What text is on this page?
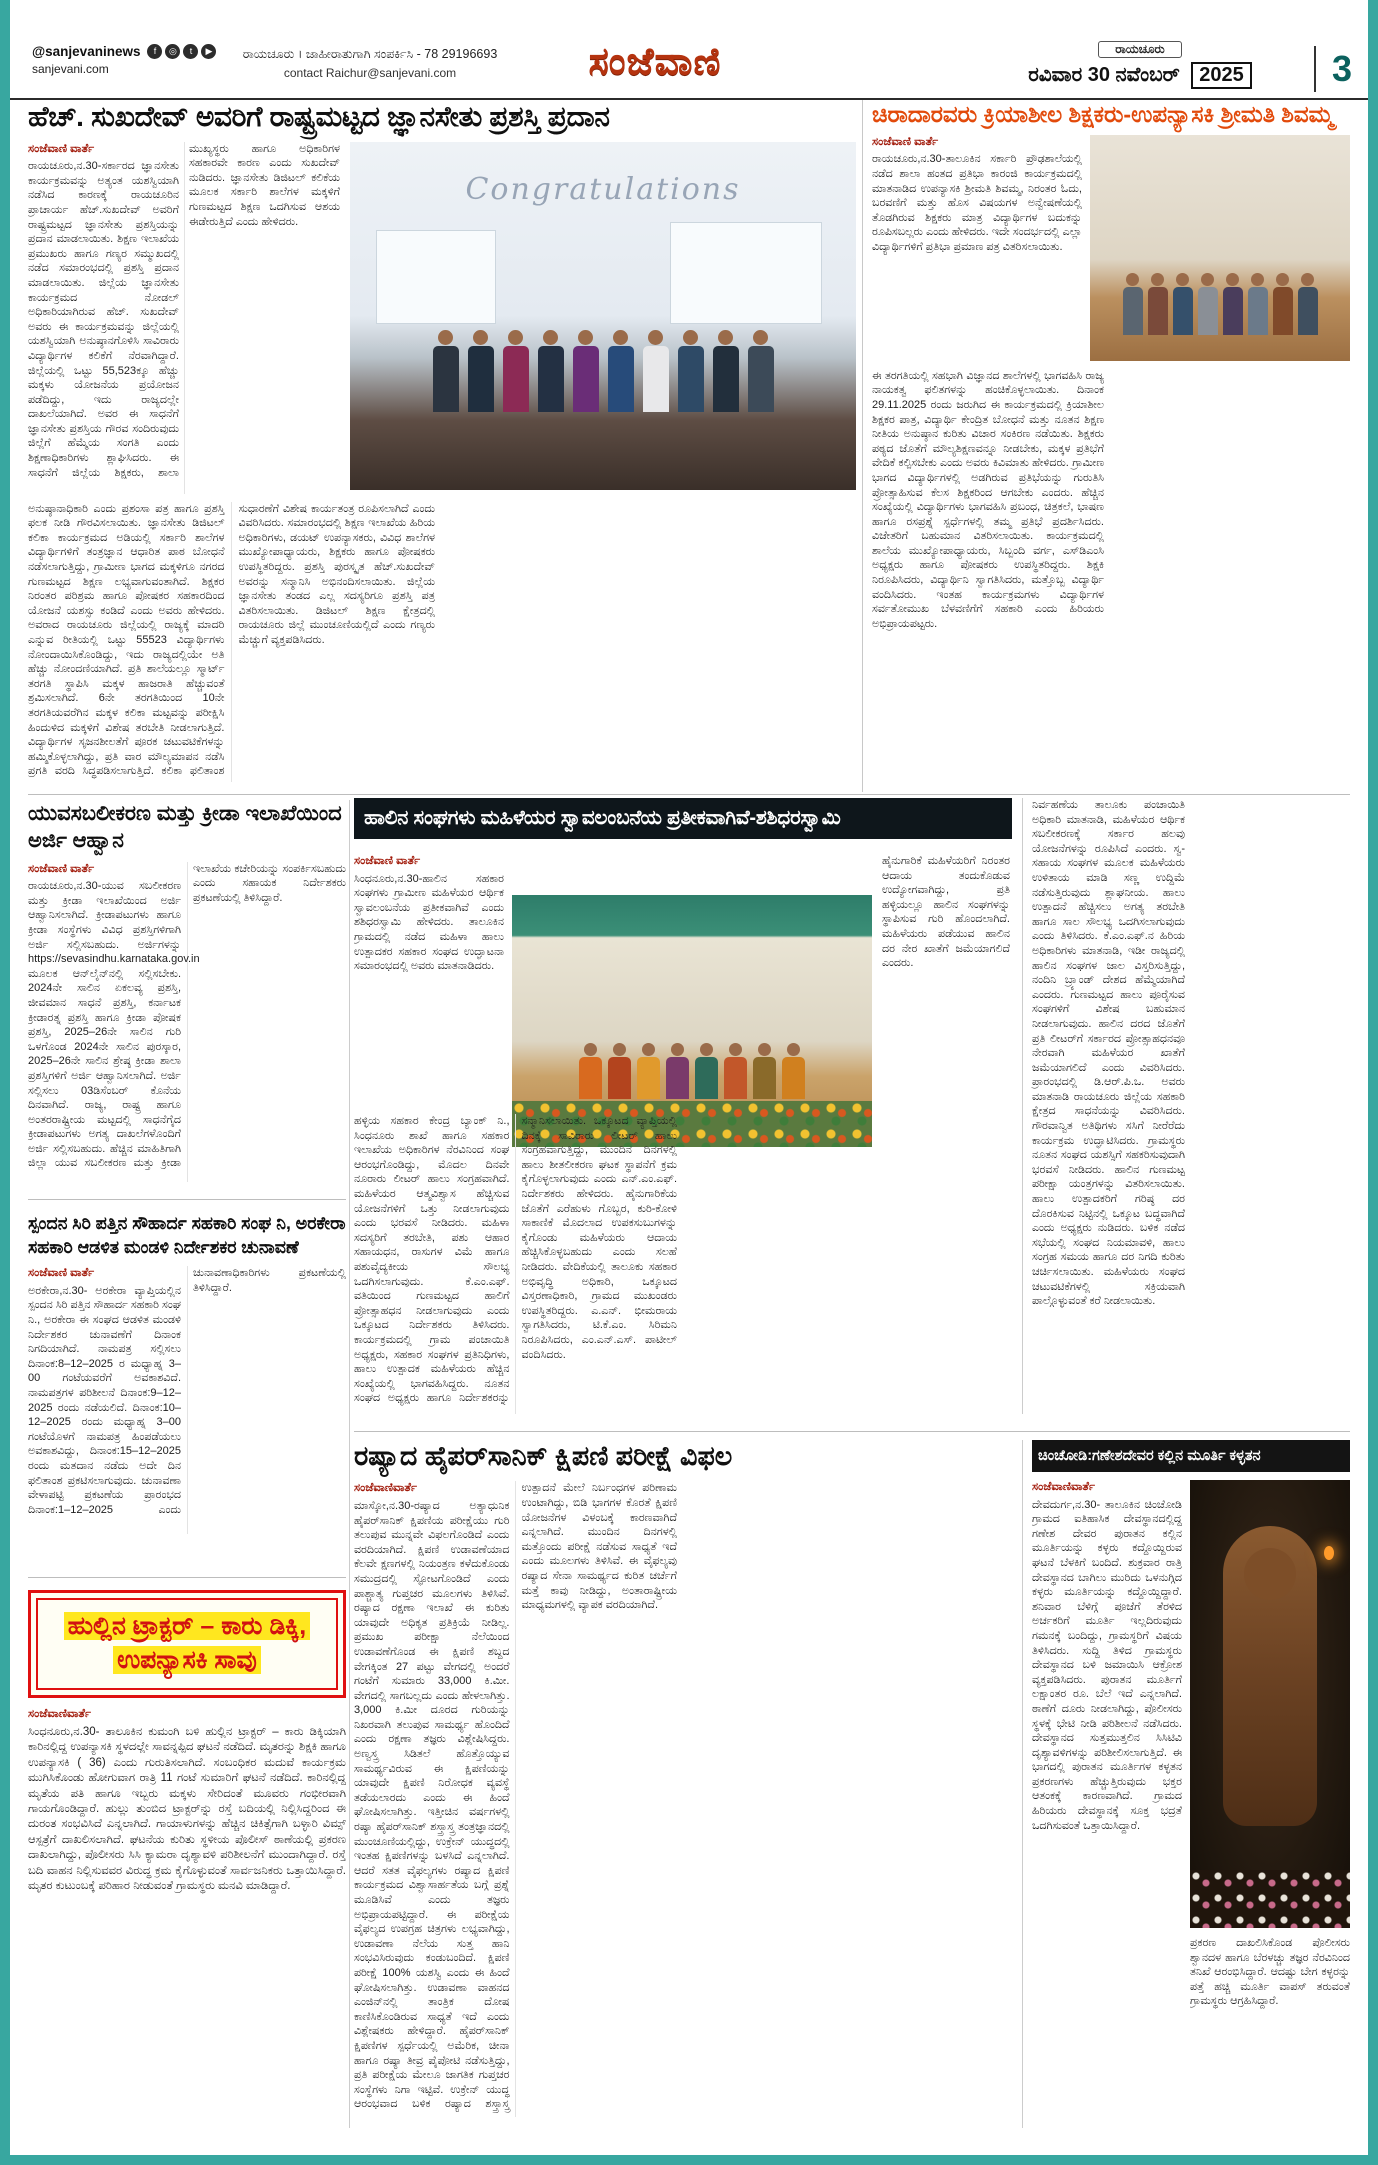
@sanjevaninews	f	◎	t	▶
sanjevani.com
ರಾಯಚೂರು । ಜಾಹೀರಾತುಗಾಗಿ ಸಂಪರ್ಕಿಸಿ - 78 29196693
contact Raichur@sanjevani.com	ಸಂಜೆವಾಣಿ	ರಾಯಚೂರು
ರವಿವಾರ 30 ನವೆಂಬರ್ 2025	3
ಹೆಚ್. ಸುಖದೇವ್ ಅವರಿಗೆ ರಾಷ್ಟ್ರಮಟ್ಟದ ಜ್ಞಾನಸೇತು ಪ್ರಶಸ್ತಿ ಪ್ರದಾನ
ಸಂಜೆವಾಣಿ ವಾರ್ತೆ
ರಾಯಚೂರು,ನ.30-ಸರ್ಕಾರದ ಜ್ಞಾನಸೇತು ಕಾರ್ಯಕ್ರಮವನ್ನು ಅತ್ಯಂತ ಯಶಸ್ವಿಯಾಗಿ ನಡೆಸಿದ ಕಾರಣಕ್ಕೆ ರಾಯಚೂರಿನ ಪ್ರಾಚಾರ್ಯ ಹೆಚ್.ಸುಖದೇವ್ ಅವರಿಗೆ ರಾಷ್ಟ್ರಮಟ್ಟದ ಜ್ಞಾನಸೇತು ಪ್ರಶಸ್ತಿಯನ್ನು ಪ್ರದಾನ ಮಾಡಲಾಯಿತು. ಶಿಕ್ಷಣ ಇಲಾಖೆಯ ಪ್ರಮುಖರು ಹಾಗೂ ಗಣ್ಯರ ಸಮ್ಮುಖದಲ್ಲಿ ನಡೆದ ಸಮಾರಂಭದಲ್ಲಿ ಪ್ರಶಸ್ತಿ ಪ್ರದಾನ ಮಾಡಲಾಯಿತು. ಜಿಲ್ಲೆಯ ಜ್ಞಾನಸೇತು ಕಾರ್ಯಕ್ರಮದ ನೋಡಲ್ ಅಧಿಕಾರಿಯಾಗಿರುವ ಹೆಚ್. ಸುಖದೇವ್ ಅವರು ಈ ಕಾರ್ಯಕ್ರಮವನ್ನು ಜಿಲ್ಲೆಯಲ್ಲಿ ಯಶಸ್ವಿಯಾಗಿ ಅನುಷ್ಠಾನಗೊಳಿಸಿ ಸಾವಿರಾರು ವಿದ್ಯಾರ್ಥಿಗಳ ಕಲಿಕೆಗೆ ನೆರವಾಗಿದ್ದಾರೆ. ಜಿಲ್ಲೆಯಲ್ಲಿ ಒಟ್ಟು 55,523ಕ್ಕೂ ಹೆಚ್ಚು ಮಕ್ಕಳು ಯೋಜನೆಯ ಪ್ರಯೋಜನ ಪಡೆದಿದ್ದು, ಇದು ರಾಜ್ಯದಲ್ಲೇ ದಾಖಲೆಯಾಗಿದೆ. ಅವರ ಈ ಸಾಧನೆಗೆ ಜ್ಞಾನಸೇತು ಪ್ರಶಸ್ತಿಯ ಗೌರವ ಸಂದಿರುವುದು ಜಿಲ್ಲೆಗೆ ಹೆಮ್ಮೆಯ ಸಂಗತಿ ಎಂದು ಶಿಕ್ಷಣಾಧಿಕಾರಿಗಳು ಶ್ಲಾಘಿಸಿದರು. ಈ ಸಾಧನೆಗೆ ಜಿಲ್ಲೆಯ ಶಿಕ್ಷಕರು, ಶಾಲಾ ಮುಖ್ಯಸ್ಥರು ಹಾಗೂ ಅಧಿಕಾರಿಗಳ ಸಹಕಾರವೇ ಕಾರಣ ಎಂದು ಸುಖದೇವ್ ನುಡಿದರು. ಜ್ಞಾನಸೇತು ಡಿಜಿಟಲ್ ಕಲಿಕೆಯ ಮೂಲಕ ಸರ್ಕಾರಿ ಶಾಲೆಗಳ ಮಕ್ಕಳಿಗೆ ಗುಣಮಟ್ಟದ ಶಿಕ್ಷಣ ಒದಗಿಸುವ ಆಶಯ ಈಡೇರುತ್ತಿದೆ ಎಂದು ಹೇಳಿದರು.
Congratulations
ಅನುಷ್ಠಾನಾಧಿಕಾರಿ ಎಂದು ಪ್ರಶಂಸಾ ಪತ್ರ ಹಾಗೂ ಪ್ರಶಸ್ತಿ ಫಲಕ ನೀಡಿ ಗೌರವಿಸಲಾಯಿತು. ಜ್ಞಾನಸೇತು ಡಿಜಿಟಲ್ ಕಲಿಕಾ ಕಾರ್ಯಕ್ರಮದ ಅಡಿಯಲ್ಲಿ ಸರ್ಕಾರಿ ಶಾಲೆಗಳ ವಿದ್ಯಾರ್ಥಿಗಳಿಗೆ ತಂತ್ರಜ್ಞಾನ ಆಧಾರಿತ ಪಾಠ ಬೋಧನೆ ನಡೆಸಲಾಗುತ್ತಿದ್ದು, ಗ್ರಾಮೀಣ ಭಾಗದ ಮಕ್ಕಳಿಗೂ ನಗರದ ಗುಣಮಟ್ಟದ ಶಿಕ್ಷಣ ಲಭ್ಯವಾಗುವಂತಾಗಿದೆ. ಶಿಕ್ಷಕರ ನಿರಂತರ ಪರಿಶ್ರಮ ಹಾಗೂ ಪೋಷಕರ ಸಹಕಾರದಿಂದ ಯೋಜನೆ ಯಶಸ್ಸು ಕಂಡಿದೆ ಎಂದು ಅವರು ಹೇಳಿದರು. ಅವರಾದ ರಾಯಚೂರು ಜಿಲ್ಲೆಯಲ್ಲಿ ರಾಜ್ಯಕ್ಕೆ ಮಾದರಿ ಎನ್ನುವ ರೀತಿಯಲ್ಲಿ ಒಟ್ಟು 55523 ವಿದ್ಯಾರ್ಥಿಗಳು ನೋಂದಾಯಿಸಿಕೊಂಡಿದ್ದು, ಇದು ರಾಜ್ಯದಲ್ಲಿಯೇ ಅತಿ ಹೆಚ್ಚು ನೋಂದಣಿಯಾಗಿದೆ. ಪ್ರತಿ ಶಾಲೆಯಲ್ಲೂ ಸ್ಮಾರ್ಟ್ ತರಗತಿ ಸ್ಥಾಪಿಸಿ ಮಕ್ಕಳ ಹಾಜರಾತಿ ಹೆಚ್ಚುವಂತೆ ಶ್ರಮಿಸಲಾಗಿದೆ. 6ನೇ ತರಗತಿಯಿಂದ 10ನೇ ತರಗತಿಯವರೆಗಿನ ಮಕ್ಕಳ ಕಲಿಕಾ ಮಟ್ಟವನ್ನು ಪರೀಕ್ಷಿಸಿ ಹಿಂದುಳಿದ ಮಕ್ಕಳಿಗೆ ವಿಶೇಷ ತರಬೇತಿ ನೀಡಲಾಗುತ್ತಿದೆ. ವಿದ್ಯಾರ್ಥಿಗಳ ಸೃಜನಶೀಲತೆಗೆ ಪೂರಕ ಚಟುವಟಿಕೆಗಳನ್ನು ಹಮ್ಮಿಕೊಳ್ಳಲಾಗಿದ್ದು, ಪ್ರತಿ ವಾರ ಮೌಲ್ಯಮಾಪನ ನಡೆಸಿ ಪ್ರಗತಿ ವರದಿ ಸಿದ್ಧಪಡಿಸಲಾಗುತ್ತಿದೆ. ಕಲಿಕಾ ಫಲಿತಾಂಶ ಸುಧಾರಣೆಗೆ ವಿಶೇಷ ಕಾರ್ಯತಂತ್ರ ರೂಪಿಸಲಾಗಿದೆ ಎಂದು ವಿವರಿಸಿದರು. ಸಮಾರಂಭದಲ್ಲಿ ಶಿಕ್ಷಣ ಇಲಾಖೆಯ ಹಿರಿಯ ಅಧಿಕಾರಿಗಳು, ಡಯಟ್ ಉಪನ್ಯಾಸಕರು, ವಿವಿಧ ಶಾಲೆಗಳ ಮುಖ್ಯೋಪಾಧ್ಯಾಯರು, ಶಿಕ್ಷಕರು ಹಾಗೂ ಪೋಷಕರು ಉಪಸ್ಥಿತರಿದ್ದರು. ಪ್ರಶಸ್ತಿ ಪುರಸ್ಕೃತ ಹೆಚ್.ಸುಖದೇವ್ ಅವರನ್ನು ಸನ್ಮಾನಿಸಿ ಅಭಿನಂದಿಸಲಾಯಿತು. ಜಿಲ್ಲೆಯ ಜ್ಞಾನಸೇತು ತಂಡದ ಎಲ್ಲ ಸದಸ್ಯರಿಗೂ ಪ್ರಶಸ್ತಿ ಪತ್ರ ವಿತರಿಸಲಾಯಿತು. ಡಿಜಿಟಲ್ ಶಿಕ್ಷಣ ಕ್ಷೇತ್ರದಲ್ಲಿ ರಾಯಚೂರು ಜಿಲ್ಲೆ ಮುಂಚೂಣಿಯಲ್ಲಿದೆ ಎಂದು ಗಣ್ಯರು ಮೆಚ್ಚುಗೆ ವ್ಯಕ್ತಪಡಿಸಿದರು.
ಚಿರಾದಾರವರು ಕ್ರಿಯಾಶೀಲ ಶಿಕ್ಷಕರು-ಉಪನ್ಯಾಸಕಿ ಶ್ರೀಮತಿ ಶಿವಮ್ಮ
ಸಂಜೆವಾಣಿ ವಾರ್ತೆ
ರಾಯಚೂರು,ನ.30-ತಾಲೂಕಿನ ಸರ್ಕಾರಿ ಪ್ರೌಢಶಾಲೆಯಲ್ಲಿ ನಡೆದ ಶಾಲಾ ಹಂತದ ಪ್ರತಿಭಾ ಕಾರಂಜಿ ಕಾರ್ಯಕ್ರಮದಲ್ಲಿ ಮಾತನಾಡಿದ ಉಪನ್ಯಾಸಕಿ ಶ್ರೀಮತಿ ಶಿವಮ್ಮ, ನಿರಂತರ ಓದು, ಬರವಣಿಗೆ ಮತ್ತು ಹೊಸ ವಿಷಯಗಳ ಅನ್ವೇಷಣೆಯಲ್ಲಿ ತೊಡಗಿರುವ ಶಿಕ್ಷಕರು ಮಾತ್ರ ವಿದ್ಯಾರ್ಥಿಗಳ ಬದುಕನ್ನು ರೂಪಿಸಬಲ್ಲರು ಎಂದು ಹೇಳಿದರು. ಇದೇ ಸಂದರ್ಭದಲ್ಲಿ ಎಲ್ಲಾ ವಿದ್ಯಾರ್ಥಿಗಳಿಗೆ ಪ್ರತಿಭಾ ಪ್ರಮಾಣ ಪತ್ರ ವಿತರಿಸಲಾಯಿತು.
ಈ ತರಗತಿಯಲ್ಲಿ ಸಹಭಾಗಿ ವಿಜ್ಞಾನದ ಶಾಲೆಗಳಲ್ಲಿ ಭಾಗವಹಿಸಿ ರಾಜ್ಯ ನಾಯಕತ್ವ ಫಲಿತಗಳನ್ನು ಹಂಚಿಕೊಳ್ಳಲಾಯಿತು. ದಿನಾಂಕ 29.11.2025 ರಂದು ಜರುಗಿದ ಈ ಕಾರ್ಯಕ್ರಮದಲ್ಲಿ ಕ್ರಿಯಾಶೀಲ ಶಿಕ್ಷಕರ ಪಾತ್ರ, ವಿದ್ಯಾರ್ಥಿ ಕೇಂದ್ರಿತ ಬೋಧನೆ ಮತ್ತು ನೂತನ ಶಿಕ್ಷಣ ನೀತಿಯ ಅನುಷ್ಠಾನ ಕುರಿತು ವಿಚಾರ ಸಂಕಿರಣ ನಡೆಯಿತು. ಶಿಕ್ಷಕರು ಪಠ್ಯದ ಜೊತೆಗೆ ಮೌಲ್ಯಶಿಕ್ಷಣವನ್ನೂ ನೀಡಬೇಕು, ಮಕ್ಕಳ ಪ್ರತಿಭೆಗೆ ವೇದಿಕೆ ಕಲ್ಪಿಸಬೇಕು ಎಂದು ಅವರು ಕಿವಿಮಾತು ಹೇಳಿದರು. ಗ್ರಾಮೀಣ ಭಾಗದ ವಿದ್ಯಾರ್ಥಿಗಳಲ್ಲಿ ಅಡಗಿರುವ ಪ್ರತಿಭೆಯನ್ನು ಗುರುತಿಸಿ ಪ್ರೋತ್ಸಾಹಿಸುವ ಕೆಲಸ ಶಿಕ್ಷಕರಿಂದ ಆಗಬೇಕು ಎಂದರು. ಹೆಚ್ಚಿನ ಸಂಖ್ಯೆಯಲ್ಲಿ ವಿದ್ಯಾರ್ಥಿಗಳು ಭಾಗವಹಿಸಿ ಪ್ರಬಂಧ, ಚಿತ್ರಕಲೆ, ಭಾಷಣ ಹಾಗೂ ರಸಪ್ರಶ್ನೆ ಸ್ಪರ್ಧೆಗಳಲ್ಲಿ ತಮ್ಮ ಪ್ರತಿಭೆ ಪ್ರದರ್ಶಿಸಿದರು. ವಿಜೇತರಿಗೆ ಬಹುಮಾನ ವಿತರಿಸಲಾಯಿತು. ಕಾರ್ಯಕ್ರಮದಲ್ಲಿ ಶಾಲೆಯ ಮುಖ್ಯೋಪಾಧ್ಯಾಯರು, ಸಿಬ್ಬಂದಿ ವರ್ಗ, ಎಸ್‌ಡಿಎಂಸಿ ಅಧ್ಯಕ್ಷರು ಹಾಗೂ ಪೋಷಕರು ಉಪಸ್ಥಿತರಿದ್ದರು. ಶಿಕ್ಷಕಿ ನಿರೂಪಿಸಿದರು, ವಿದ್ಯಾರ್ಥಿನಿ ಸ್ವಾಗತಿಸಿದರು, ಮತ್ತೊಬ್ಬ ವಿದ್ಯಾರ್ಥಿ ವಂದಿಸಿದರು. ಇಂತಹ ಕಾರ್ಯಕ್ರಮಗಳು ವಿದ್ಯಾರ್ಥಿಗಳ ಸರ್ವತೋಮುಖ ಬೆಳವಣಿಗೆಗೆ ಸಹಕಾರಿ ಎಂದು ಹಿರಿಯರು ಅಭಿಪ್ರಾಯಪಟ್ಟರು.
ಯುವಸಬಲೀಕರಣ ಮತ್ತು ಕ್ರೀಡಾ ಇಲಾಖೆಯಿಂದ ಅರ್ಜಿ ಆಹ್ವಾನ
ಸಂಜೆವಾಣಿ ವಾರ್ತೆ
ರಾಯಚೂರು,ನ.30-ಯುವ ಸಬಲೀಕರಣ ಮತ್ತು ಕ್ರೀಡಾ ಇಲಾಖೆಯಿಂದ ಅರ್ಜಿ ಆಹ್ವಾನಿಸಲಾಗಿದೆ. ಕ್ರೀಡಾಪಟುಗಳು ಹಾಗೂ ಕ್ರೀಡಾ ಸಂಸ್ಥೆಗಳು ವಿವಿಧ ಪ್ರಶಸ್ತಿಗಳಿಗಾಗಿ ಅರ್ಜಿ ಸಲ್ಲಿಸಬಹುದು. ಅರ್ಜಿಗಳನ್ನು https://sevasindhu.karnataka.gov.in ಮೂಲಕ ಆನ್‌ಲೈನ್‌ನಲ್ಲಿ ಸಲ್ಲಿಸಬೇಕು. 2024ನೇ ಸಾಲಿನ ಏಕಲವ್ಯ ಪ್ರಶಸ್ತಿ, ಜೀವಮಾನ ಸಾಧನೆ ಪ್ರಶಸ್ತಿ, ಕರ್ನಾಟಕ ಕ್ರೀಡಾರತ್ನ ಪ್ರಶಸ್ತಿ ಹಾಗೂ ಕ್ರೀಡಾ ಪೋಷಕ ಪ್ರಶಸ್ತಿ, 2025–26ನೇ ಸಾಲಿನ ಗುರಿ ಒಳಗೊಂಡ 2024ನೇ ಸಾಲಿನ ಪುರಸ್ಕಾರ, 2025–26ನೇ ಸಾಲಿನ ಶ್ರೇಷ್ಠ ಕ್ರೀಡಾ ಶಾಲಾ ಪ್ರಶಸ್ತಿಗಳಿಗೆ ಅರ್ಜಿ ಆಹ್ವಾನಿಸಲಾಗಿದೆ. ಅರ್ಜಿ ಸಲ್ಲಿಸಲು 03ಡಿಸೆಂಬರ್ ಕೊನೆಯ ದಿನವಾಗಿದೆ. ರಾಜ್ಯ, ರಾಷ್ಟ್ರ ಹಾಗೂ ಅಂತರರಾಷ್ಟ್ರೀಯ ಮಟ್ಟದಲ್ಲಿ ಸಾಧನೆಗೈದ ಕ್ರೀಡಾಪಟುಗಳು ಅಗತ್ಯ ದಾಖಲೆಗಳೊಂದಿಗೆ ಅರ್ಜಿ ಸಲ್ಲಿಸಬಹುದು. ಹೆಚ್ಚಿನ ಮಾಹಿತಿಗಾಗಿ ಜಿಲ್ಲಾ ಯುವ ಸಬಲೀಕರಣ ಮತ್ತು ಕ್ರೀಡಾ ಇಲಾಖೆಯ ಕಚೇರಿಯನ್ನು ಸಂಪರ್ಕಿಸಬಹುದು ಎಂದು ಸಹಾಯಕ ನಿರ್ದೇಶಕರು ಪ್ರಕಟಣೆಯಲ್ಲಿ ತಿಳಿಸಿದ್ದಾರೆ.
ಹಾಲಿನ ಸಂಘಗಳು ಮಹಿಳೆಯರ ಸ್ವಾವಲಂಬನೆಯ ಪ್ರತೀಕವಾಗಿವೆ-ಶಶಿಧರಸ್ವಾಮಿ
ಸಂಜೆವಾಣಿ ವಾರ್ತೆ
ಸಿಂಧನೂರು,ನ.30-ಹಾಲಿನ ಸಹಕಾರ ಸಂಘಗಳು ಗ್ರಾಮೀಣ ಮಹಿಳೆಯರ ಆರ್ಥಿಕ ಸ್ವಾವಲಂಬನೆಯ ಪ್ರತೀಕವಾಗಿವೆ ಎಂದು ಶಶಿಧರಸ್ವಾಮಿ ಹೇಳಿದರು. ತಾಲೂಕಿನ ಗ್ರಾಮದಲ್ಲಿ ನಡೆದ ಮಹಿಳಾ ಹಾಲು ಉತ್ಪಾದಕರ ಸಹಕಾರ ಸಂಘದ ಉದ್ಘಾಟನಾ ಸಮಾರಂಭದಲ್ಲಿ ಅವರು ಮಾತನಾಡಿದರು.
ಹೈನುಗಾರಿಕೆ ಮಹಿಳೆಯರಿಗೆ ನಿರಂತರ ಆದಾಯ ತಂದುಕೊಡುವ ಉದ್ಯೋಗವಾಗಿದ್ದು, ಪ್ರತಿ ಹಳ್ಳಿಯಲ್ಲೂ ಹಾಲಿನ ಸಂಘಗಳನ್ನು ಸ್ಥಾಪಿಸುವ ಗುರಿ ಹೊಂದಲಾಗಿದೆ. ಮಹಿಳೆಯರು ಪಡೆಯುವ ಹಾಲಿನ ದರ ನೇರ ಖಾತೆಗೆ ಜಮೆಯಾಗಲಿದೆ ಎಂದರು.
ಹಳ್ಳಿಯ ಸಹಕಾರ ಕೇಂದ್ರ ಬ್ಯಾಂಕ್ ನಿ., ಸಿಂಧನೂರು ಶಾಖೆ ಹಾಗೂ ಸಹಕಾರ ಇಲಾಖೆಯ ಅಧಿಕಾರಿಗಳ ನೆರವಿನಿಂದ ಸಂಘ ಆರಂಭಗೊಂಡಿದ್ದು, ಮೊದಲ ದಿನವೇ ನೂರಾರು ಲೀಟರ್ ಹಾಲು ಸಂಗ್ರಹವಾಗಿದೆ. ಮಹಿಳೆಯರ ಆತ್ಮವಿಶ್ವಾಸ ಹೆಚ್ಚಿಸುವ ಯೋಜನೆಗಳಿಗೆ ಒತ್ತು ನೀಡಲಾಗುವುದು ಎಂದು ಭರವಸೆ ನೀಡಿದರು. ಮಹಿಳಾ ಸದಸ್ಯರಿಗೆ ತರಬೇತಿ, ಪಶು ಆಹಾರ ಸಹಾಯಧನ, ರಾಸುಗಳ ವಿಮೆ ಹಾಗೂ ಪಶುವೈದ್ಯಕೀಯ ಸೌಲಭ್ಯ ಒದಗಿಸಲಾಗುವುದು. ಕೆ.ಎಂ.ಎಫ್. ವತಿಯಿಂದ ಗುಣಮಟ್ಟದ ಹಾಲಿಗೆ ಪ್ರೋತ್ಸಾಹಧನ ನೀಡಲಾಗುವುದು ಎಂದು ಒಕ್ಕೂಟದ ನಿರ್ದೇಶಕರು ತಿಳಿಸಿದರು. ಕಾರ್ಯಕ್ರಮದಲ್ಲಿ ಗ್ರಾಮ ಪಂಚಾಯಿತಿ ಅಧ್ಯಕ್ಷರು, ಸಹಕಾರ ಸಂಘಗಳ ಪ್ರತಿನಿಧಿಗಳು, ಹಾಲು ಉತ್ಪಾದಕ ಮಹಿಳೆಯರು ಹೆಚ್ಚಿನ ಸಂಖ್ಯೆಯಲ್ಲಿ ಭಾಗವಹಿಸಿದ್ದರು. ನೂತನ ಸಂಘದ ಅಧ್ಯಕ್ಷರು ಹಾಗೂ ನಿರ್ದೇಶಕರನ್ನು ಸನ್ಮಾನಿಸಲಾಯಿತು. ಒಕ್ಕೂಟದ ವ್ಯಾಪ್ತಿಯಲ್ಲಿ ದಿನಕ್ಕೆ ಸಾವಿರಾರು ಲೀಟರ್ ಹಾಲು ಸಂಗ್ರಹವಾಗುತ್ತಿದ್ದು, ಮುಂದಿನ ದಿನಗಳಲ್ಲಿ ಹಾಲು ಶೀತಲೀಕರಣ ಘಟಕ ಸ್ಥಾಪನೆಗೆ ಕ್ರಮ ಕೈಗೊಳ್ಳಲಾಗುವುದು ಎಂದು ಎನ್.ಎಂ.ಎಫ್. ನಿರ್ದೇಶಕರು ಹೇಳಿದರು. ಹೈನುಗಾರಿಕೆಯ ಜೊತೆಗೆ ಎರೆಹುಳು ಗೊಬ್ಬರ, ಕುರಿ-ಕೋಳಿ ಸಾಕಾಣಿಕೆ ಮೊದಲಾದ ಉಪಕಸುಬುಗಳನ್ನು ಕೈಗೊಂಡು ಮಹಿಳೆಯರು ಆದಾಯ ಹೆಚ್ಚಿಸಿಕೊಳ್ಳಬಹುದು ಎಂದು ಸಲಹೆ ನೀಡಿದರು. ವೇದಿಕೆಯಲ್ಲಿ ತಾಲೂಕು ಸಹಕಾರ ಅಭಿವೃದ್ಧಿ ಅಧಿಕಾರಿ, ಒಕ್ಕೂಟದ ವಿಸ್ತರಣಾಧಿಕಾರಿ, ಗ್ರಾಮದ ಮುಖಂಡರು ಉಪಸ್ಥಿತರಿದ್ದರು. ಎ.ಎನ್. ಭೀಮರಾಯ ಸ್ವಾಗತಿಸಿದರು, ಟಿ.ಕೆ.ಎಂ. ಸಿರಿಮನಿ ನಿರೂಪಿಸಿದರು, ಎಂ.ಎನ್.ಎಸ್. ಪಾಟೀಲ್ ವಂದಿಸಿದರು.
ನಿರ್ವಹಣೆಯ ತಾಲೂಕು ಪಂಚಾಯಿತಿ ಅಧಿಕಾರಿ ಮಾತನಾಡಿ, ಮಹಿಳೆಯರ ಆರ್ಥಿಕ ಸಬಲೀಕರಣಕ್ಕೆ ಸರ್ಕಾರ ಹಲವು ಯೋಜನೆಗಳನ್ನು ರೂಪಿಸಿದೆ ಎಂದರು. ಸ್ವ-ಸಹಾಯ ಸಂಘಗಳ ಮೂಲಕ ಮಹಿಳೆಯರು ಉಳಿತಾಯ ಮಾಡಿ ಸಣ್ಣ ಉದ್ದಿಮೆ ನಡೆಸುತ್ತಿರುವುದು ಶ್ಲಾಘನೀಯ. ಹಾಲು ಉತ್ಪಾದನೆ ಹೆಚ್ಚಿಸಲು ಅಗತ್ಯ ತರಬೇತಿ ಹಾಗೂ ಸಾಲ ಸೌಲಭ್ಯ ಒದಗಿಸಲಾಗುವುದು ಎಂದು ತಿಳಿಸಿದರು. ಕೆ.ಎಂ.ಎಫ್.ನ ಹಿರಿಯ ಅಧಿಕಾರಿಗಳು ಮಾತನಾಡಿ, ಇಡೀ ರಾಜ್ಯದಲ್ಲಿ ಹಾಲಿನ ಸಂಘಗಳ ಜಾಲ ವಿಸ್ತರಿಸುತ್ತಿದ್ದು, ನಂದಿನಿ ಬ್ರ್ಯಾಂಡ್ ದೇಶದ ಹೆಮ್ಮೆಯಾಗಿದೆ ಎಂದರು. ಗುಣಮಟ್ಟದ ಹಾಲು ಪೂರೈಸುವ ಸಂಘಗಳಿಗೆ ವಿಶೇಷ ಬಹುಮಾನ ನೀಡಲಾಗುವುದು. ಹಾಲಿನ ದರದ ಜೊತೆಗೆ ಪ್ರತಿ ಲೀಟರ್‌ಗೆ ಸರ್ಕಾರದ ಪ್ರೋತ್ಸಾಹಧನವೂ ನೇರವಾಗಿ ಮಹಿಳೆಯರ ಖಾತೆಗೆ ಜಮೆಯಾಗಲಿದೆ ಎಂದು ವಿವರಿಸಿದರು. ಪ್ರಾರಂಭದಲ್ಲಿ ಡಿ.ಆರ್.ಪಿ.ಒ. ಅವರು ಮಾತನಾಡಿ ರಾಯಚೂರು ಜಿಲ್ಲೆಯ ಸಹಕಾರಿ ಕ್ಷೇತ್ರದ ಸಾಧನೆಯನ್ನು ವಿವರಿಸಿದರು. ಗೌರವಾನ್ವಿತ ಅತಿಥಿಗಳು ಸಸಿಗೆ ನೀರೆರೆದು ಕಾರ್ಯಕ್ರಮ ಉದ್ಘಾಟಿಸಿದರು. ಗ್ರಾಮಸ್ಥರು ನೂತನ ಸಂಘದ ಯಶಸ್ಸಿಗೆ ಸಹಕರಿಸುವುದಾಗಿ ಭರವಸೆ ನೀಡಿದರು. ಹಾಲಿನ ಗುಣಮಟ್ಟ ಪರೀಕ್ಷಾ ಯಂತ್ರಗಳನ್ನು ವಿತರಿಸಲಾಯಿತು. ಹಾಲು ಉತ್ಪಾದಕರಿಗೆ ಗರಿಷ್ಠ ದರ ದೊರಕಿಸುವ ನಿಟ್ಟಿನಲ್ಲಿ ಒಕ್ಕೂಟ ಬದ್ಧವಾಗಿದೆ ಎಂದು ಅಧ್ಯಕ್ಷರು ನುಡಿದರು. ಬಳಿಕ ನಡೆದ ಸಭೆಯಲ್ಲಿ ಸಂಘದ ನಿಯಮಾವಳಿ, ಹಾಲು ಸಂಗ್ರಹ ಸಮಯ ಹಾಗೂ ದರ ನಿಗದಿ ಕುರಿತು ಚರ್ಚಿಸಲಾಯಿತು. ಮಹಿಳೆಯರು ಸಂಘದ ಚಟುವಟಿಕೆಗಳಲ್ಲಿ ಸಕ್ರಿಯವಾಗಿ ಪಾಲ್ಗೊಳ್ಳುವಂತೆ ಕರೆ ನೀಡಲಾಯಿತು.
ಸ್ಪಂದನ ಸಿರಿ ಪತ್ತಿನ ಸೌಹಾರ್ದ ಸಹಕಾರಿ ಸಂಘ ನಿ, ಅರಕೇರಾ ಸಹಕಾರಿ ಆಡಳಿತ ಮಂಡಳಿ ನಿರ್ದೇಶಕರ ಚುನಾವಣೆ
ಸಂಜೆವಾಣಿ ವಾರ್ತೆ
ಅರಕೇರಾ,ನ.30- ಅರಕೇರಾ ವ್ಯಾಪ್ತಿಯಲ್ಲಿನ ಸ್ಪಂದನ ಸಿರಿ ಪತ್ತಿನ ಸೌಹಾರ್ದ ಸಹಕಾರಿ ಸಂಘ ನಿ., ಅರಕೇರಾ ಈ ಸಂಘದ ಆಡಳಿತ ಮಂಡಳಿ ನಿರ್ದೇಶಕರ ಚುನಾವಣೆಗೆ ದಿನಾಂಕ ನಿಗದಿಯಾಗಿದೆ. ನಾಮಪತ್ರ ಸಲ್ಲಿಸಲು ದಿನಾಂಕ:8–12–2025 ರ ಮಧ್ಯಾಹ್ನ 3–00 ಗಂಟೆಯವರೆಗೆ ಅವಕಾಶವಿದೆ. ನಾಮಪತ್ರಗಳ ಪರಿಶೀಲನೆ ದಿನಾಂಕ:9–12–2025 ರಂದು ನಡೆಯಲಿದೆ. ದಿನಾಂಕ:10–12–2025 ರಂದು ಮಧ್ಯಾಹ್ನ 3–00 ಗಂಟೆಯೊಳಗೆ ನಾಮಪತ್ರ ಹಿಂಪಡೆಯಲು ಅವಕಾಶವಿದ್ದು, ದಿನಾಂಕ:15–12–2025 ರಂದು ಮತದಾನ ನಡೆದು ಅದೇ ದಿನ ಫಲಿತಾಂಶ ಪ್ರಕಟಿಸಲಾಗುವುದು. ಚುನಾವಣಾ ವೇಳಾಪಟ್ಟಿ ಪ್ರಕಟಣೆಯ ಪ್ರಾರಂಭದ ದಿನಾಂಕ:1–12–2025 ಎಂದು ಚುನಾವಣಾಧಿಕಾರಿಗಳು ಪ್ರಕಟಣೆಯಲ್ಲಿ ತಿಳಿಸಿದ್ದಾರೆ.
ಹುಲ್ಲಿನ ಟ್ರಾಕ್ಟರ್ – ಕಾರು ಡಿಕ್ಕಿ, ಉಪನ್ಯಾಸಕಿ ಸಾವು
ಸಂಜೆವಾಣಿವಾರ್ತೆ
ಸಿಂಧನೂರು,ನ.30- ತಾಲೂಕಿನ ಕುಮಂಗಿ ಬಳಿ ಹುಲ್ಲಿನ ಟ್ರಾಕ್ಟರ್ – ಕಾರು ಡಿಕ್ಕಿಯಾಗಿ ಕಾರಿನಲ್ಲಿದ್ದ ಉಪನ್ಯಾಸಕಿ ಸ್ಥಳದಲ್ಲೇ ಸಾವನ್ನಪ್ಪಿದ ಘಟನೆ ನಡೆದಿದೆ. ಮೃತರನ್ನು ಶಿಕ್ಷಕಿ ಹಾಗೂ ಉಪನ್ಯಾಸಕಿ ( 36) ಎಂದು ಗುರುತಿಸಲಾಗಿದೆ. ಸಂಬಂಧಿಕರ ಮದುವೆ ಕಾರ್ಯಕ್ರಮ ಮುಗಿಸಿಕೊಂಡು ಹೋಗುವಾಗ ರಾತ್ರಿ 11 ಗಂಟೆ ಸುಮಾರಿಗೆ ಘಟನೆ ನಡೆದಿದೆ. ಕಾರಿನಲ್ಲಿದ್ದ ಮೃತೆಯ ಪತಿ ಹಾಗೂ ಇಬ್ಬರು ಮಕ್ಕಳು ಸೇರಿದಂತೆ ಮೂವರು ಗಂಭೀರವಾಗಿ ಗಾಯಗೊಂಡಿದ್ದಾರೆ. ಹುಲ್ಲು ತುಂಬಿದ ಟ್ರಾಕ್ಟರ್‌ನ್ನು ರಸ್ತೆ ಬದಿಯಲ್ಲಿ ನಿಲ್ಲಿಸಿದ್ದರಿಂದ ಈ ದುರಂತ ಸಂಭವಿಸಿದೆ ಎನ್ನಲಾಗಿದೆ. ಗಾಯಾಳುಗಳನ್ನು ಹೆಚ್ಚಿನ ಚಿಕಿತ್ಸೆಗಾಗಿ ಬಳ್ಳಾರಿ ವಿಮ್ಸ್ ಆಸ್ಪತ್ರೆಗೆ ದಾಖಲಿಸಲಾಗಿದೆ. ಘಟನೆಯ ಕುರಿತು ಸ್ಥಳೀಯ ಪೊಲೀಸ್ ಠಾಣೆಯಲ್ಲಿ ಪ್ರಕರಣ ದಾಖಲಾಗಿದ್ದು, ಪೊಲೀಸರು ಸಿಸಿ ಕ್ಯಾಮರಾ ದೃಶ್ಯಾವಳಿ ಪರಿಶೀಲನೆಗೆ ಮುಂದಾಗಿದ್ದಾರೆ. ರಸ್ತೆ ಬದಿ ವಾಹನ ನಿಲ್ಲಿಸುವವರ ವಿರುದ್ಧ ಕ್ರಮ ಕೈಗೊಳ್ಳುವಂತೆ ಸಾರ್ವಜನಿಕರು ಒತ್ತಾಯಿಸಿದ್ದಾರೆ. ಮೃತರ ಕುಟುಂಬಕ್ಕೆ ಪರಿಹಾರ ನೀಡುವಂತೆ ಗ್ರಾಮಸ್ಥರು ಮನವಿ ಮಾಡಿದ್ದಾರೆ.
ರಷ್ಯಾದ ಹೈಪರ್‌ಸಾನಿಕ್ ಕ್ಷಿಪಣಿ ಪರೀಕ್ಷೆ ವಿಫಲ
ಸಂಜೆವಾಣಿವಾರ್ತೆ
ಮಾಸ್ಕೋ,ನ.30-ರಷ್ಯಾದ ಅತ್ಯಾಧುನಿಕ ಹೈಪರ್‌ಸಾನಿಕ್ ಕ್ಷಿಪಣಿಯ ಪರೀಕ್ಷೆಯು ಗುರಿ ತಲುಪುವ ಮುನ್ನವೇ ವಿಫಲಗೊಂಡಿದೆ ಎಂದು ವರದಿಯಾಗಿದೆ. ಕ್ಷಿಪಣಿ ಉಡಾವಣೆಯಾದ ಕೆಲವೇ ಕ್ಷಣಗಳಲ್ಲಿ ನಿಯಂತ್ರಣ ಕಳೆದುಕೊಂಡು ಸಮುದ್ರದಲ್ಲಿ ಸ್ಫೋಟಗೊಂಡಿದೆ ಎಂದು ಪಾಶ್ಚಾತ್ಯ ಗುಪ್ತಚರ ಮೂಲಗಳು ತಿಳಿಸಿವೆ. ರಷ್ಯಾದ ರಕ್ಷಣಾ ಇಲಾಖೆ ಈ ಕುರಿತು ಯಾವುದೇ ಅಧಿಕೃತ ಪ್ರತಿಕ್ರಿಯೆ ನೀಡಿಲ್ಲ. ಪ್ರಮುಖ ಪರೀಕ್ಷಾ ನೆಲೆಯಿಂದ ಉಡಾವಣೆಗೊಂಡ ಈ ಕ್ಷಿಪಣಿ ಶಬ್ದದ ವೇಗಕ್ಕಿಂತ 27 ಪಟ್ಟು ವೇಗದಲ್ಲಿ ಅಂದರೆ ಗಂಟೆಗೆ ಸುಮಾರು 33,000 ಕಿ.ಮೀ. ವೇಗದಲ್ಲಿ ಸಾಗಬಲ್ಲದು ಎಂದು ಹೇಳಲಾಗಿತ್ತು. 3,000 ಕಿ.ಮೀ ದೂರದ ಗುರಿಯನ್ನು ನಿಖರವಾಗಿ ತಲುಪುವ ಸಾಮರ್ಥ್ಯ ಹೊಂದಿದೆ ಎಂದು ರಕ್ಷಣಾ ತಜ್ಞರು ವಿಶ್ಲೇಷಿಸಿದ್ದರು. ಅಣ್ವಸ್ತ್ರ ಸಿಡಿತಲೆ ಹೊತ್ತೊಯ್ಯುವ ಸಾಮರ್ಥ್ಯವಿರುವ ಈ ಕ್ಷಿಪಣಿಯನ್ನು ಯಾವುದೇ ಕ್ಷಿಪಣಿ ನಿರೋಧಕ ವ್ಯವಸ್ಥೆ ತಡೆಯಲಾರದು ಎಂದು ಈ ಹಿಂದೆ ಘೋಷಿಸಲಾಗಿತ್ತು. ಇತ್ತೀಚಿನ ವರ್ಷಗಳಲ್ಲಿ ರಷ್ಯಾ ಹೈಪರ್‌ಸಾನಿಕ್ ಶಸ್ತ್ರಾಸ್ತ್ರ ತಂತ್ರಜ್ಞಾನದಲ್ಲಿ ಮುಂಚೂಣಿಯಲ್ಲಿದ್ದು, ಉಕ್ರೇನ್ ಯುದ್ಧದಲ್ಲಿ ಇಂತಹ ಕ್ಷಿಪಣಿಗಳನ್ನು ಬಳಸಿದೆ ಎನ್ನಲಾಗಿದೆ. ಆದರೆ ಸತತ ವೈಫಲ್ಯಗಳು ರಷ್ಯಾದ ಕ್ಷಿಪಣಿ ಕಾರ್ಯಕ್ರಮದ ವಿಶ್ವಾಸಾರ್ಹತೆಯ ಬಗ್ಗೆ ಪ್ರಶ್ನೆ ಮೂಡಿಸಿವೆ ಎಂದು ತಜ್ಞರು ಅಭಿಪ್ರಾಯಪಟ್ಟಿದ್ದಾರೆ. ಈ ಪರೀಕ್ಷೆಯ ವೈಫಲ್ಯದ ಉಪಗ್ರಹ ಚಿತ್ರಗಳು ಲಭ್ಯವಾಗಿದ್ದು, ಉಡಾವಣಾ ನೆಲೆಯ ಸುತ್ತ ಹಾನಿ ಸಂಭವಿಸಿರುವುದು ಕಂಡುಬಂದಿದೆ. ಕ್ಷಿಪಣಿ ಪರೀಕ್ಷೆ 100% ಯಶಸ್ವಿ ಎಂದು ಈ ಹಿಂದೆ ಘೋಷಿಸಲಾಗಿತ್ತು. ಉಡಾವಣಾ ವಾಹನದ ಎಂಜಿನ್‌ನಲ್ಲಿ ತಾಂತ್ರಿಕ ದೋಷ ಕಾಣಿಸಿಕೊಂಡಿರುವ ಸಾಧ್ಯತೆ ಇದೆ ಎಂದು ವಿಶ್ಲೇಷಕರು ಹೇಳಿದ್ದಾರೆ. ಹೈಪರ್‌ಸಾನಿಕ್ ಕ್ಷಿಪಣಿಗಳ ಸ್ಪರ್ಧೆಯಲ್ಲಿ ಅಮೆರಿಕ, ಚೀನಾ ಹಾಗೂ ರಷ್ಯಾ ತೀವ್ರ ಪೈಪೋಟಿ ನಡೆಸುತ್ತಿದ್ದು, ಪ್ರತಿ ಪರೀಕ್ಷೆಯ ಮೇಲೂ ಜಾಗತಿಕ ಗುಪ್ತಚರ ಸಂಸ್ಥೆಗಳು ನಿಗಾ ಇಟ್ಟಿವೆ. ಉಕ್ರೇನ್ ಯುದ್ಧ ಆರಂಭವಾದ ಬಳಿಕ ರಷ್ಯಾದ ಶಸ್ತ್ರಾಸ್ತ್ರ ಉತ್ಪಾದನೆ ಮೇಲೆ ನಿರ್ಬಂಧಗಳ ಪರಿಣಾಮ ಉಂಟಾಗಿದ್ದು, ಬಿಡಿ ಭಾಗಗಳ ಕೊರತೆ ಕ್ಷಿಪಣಿ ಯೋಜನೆಗಳ ವಿಳಂಬಕ್ಕೆ ಕಾರಣವಾಗಿದೆ ಎನ್ನಲಾಗಿದೆ. ಮುಂದಿನ ದಿನಗಳಲ್ಲಿ ಮತ್ತೊಂದು ಪರೀಕ್ಷೆ ನಡೆಸುವ ಸಾಧ್ಯತೆ ಇದೆ ಎಂದು ಮೂಲಗಳು ತಿಳಿಸಿವೆ. ಈ ವೈಫಲ್ಯವು ರಷ್ಯಾದ ಸೇನಾ ಸಾಮರ್ಥ್ಯದ ಕುರಿತ ಚರ್ಚೆಗೆ ಮತ್ತೆ ಕಾವು ನೀಡಿದ್ದು, ಅಂತಾರಾಷ್ಟ್ರೀಯ ಮಾಧ್ಯಮಗಳಲ್ಲಿ ವ್ಯಾಪಕ ವರದಿಯಾಗಿದೆ.
ಚಿಂಚೋಡಿ:ಗಣೇಶದೇವರ ಕಲ್ಲಿನ ಮೂರ್ತಿ ಕಳ್ಳತನ
ಸಂಜೆವಾಣಿವಾರ್ತೆ
ದೇವದುರ್ಗ,ನ.30- ತಾಲೂಕಿನ ಚಿಂಚೋಡಿ ಗ್ರಾಮದ ಐತಿಹಾಸಿಕ ದೇವಸ್ಥಾನದಲ್ಲಿದ್ದ ಗಣೇಶ ದೇವರ ಪುರಾತನ ಕಲ್ಲಿನ ಮೂರ್ತಿಯನ್ನು ಕಳ್ಳರು ಕದ್ದೊಯ್ದಿರುವ ಘಟನೆ ಬೆಳಕಿಗೆ ಬಂದಿದೆ. ಶುಕ್ರವಾರ ರಾತ್ರಿ ದೇವಸ್ಥಾನದ ಬಾಗಿಲು ಮುರಿದು ಒಳನುಗ್ಗಿದ ಕಳ್ಳರು ಮೂರ್ತಿಯನ್ನು ಕದ್ದೊಯ್ದಿದ್ದಾರೆ. ಶನಿವಾರ ಬೆಳಿಗ್ಗೆ ಪೂಜೆಗೆ ತೆರಳಿದ ಅರ್ಚಕರಿಗೆ ಮೂರ್ತಿ ಇಲ್ಲದಿರುವುದು ಗಮನಕ್ಕೆ ಬಂದಿದ್ದು, ಗ್ರಾಮಸ್ಥರಿಗೆ ವಿಷಯ ತಿಳಿಸಿದರು. ಸುದ್ದಿ ತಿಳಿದ ಗ್ರಾಮಸ್ಥರು ದೇವಸ್ಥಾನದ ಬಳಿ ಜಮಾಯಿಸಿ ಆಕ್ರೋಶ ವ್ಯಕ್ತಪಡಿಸಿದರು. ಪುರಾತನ ಮೂರ್ತಿಗೆ ಲಕ್ಷಾಂತರ ರೂ. ಬೆಲೆ ಇದೆ ಎನ್ನಲಾಗಿದೆ. ಠಾಣೆಗೆ ದೂರು ನೀಡಲಾಗಿದ್ದು, ಪೊಲೀಸರು ಸ್ಥಳಕ್ಕೆ ಭೇಟಿ ನೀಡಿ ಪರಿಶೀಲನೆ ನಡೆಸಿದರು. ದೇವಸ್ಥಾನದ ಸುತ್ತಮುತ್ತಲಿನ ಸಿಸಿಟಿವಿ ದೃಶ್ಯಾವಳಿಗಳನ್ನು ಪರಿಶೀಲಿಸಲಾಗುತ್ತಿದೆ. ಈ ಭಾಗದಲ್ಲಿ ಪುರಾತನ ಮೂರ್ತಿಗಳ ಕಳ್ಳತನ ಪ್ರಕರಣಗಳು ಹೆಚ್ಚುತ್ತಿರುವುದು ಭಕ್ತರ ಆತಂಕಕ್ಕೆ ಕಾರಣವಾಗಿದೆ. ಗ್ರಾಮದ ಹಿರಿಯರು ದೇವಸ್ಥಾನಕ್ಕೆ ಸೂಕ್ತ ಭದ್ರತೆ ಒದಗಿಸುವಂತೆ ಒತ್ತಾಯಿಸಿದ್ದಾರೆ.
ಪ್ರಕರಣ ದಾಖಲಿಸಿಕೊಂಡ ಪೊಲೀಸರು ಶ್ವಾನದಳ ಹಾಗೂ ಬೆರಳಚ್ಚು ತಜ್ಞರ ನೆರವಿನಿಂದ ತನಿಖೆ ಆರಂಭಿಸಿದ್ದಾರೆ. ಆದಷ್ಟು ಬೇಗ ಕಳ್ಳರನ್ನು ಪತ್ತೆ ಹಚ್ಚಿ ಮೂರ್ತಿ ವಾಪಸ್ ತರುವಂತೆ ಗ್ರಾಮಸ್ಥರು ಆಗ್ರಹಿಸಿದ್ದಾರೆ.
